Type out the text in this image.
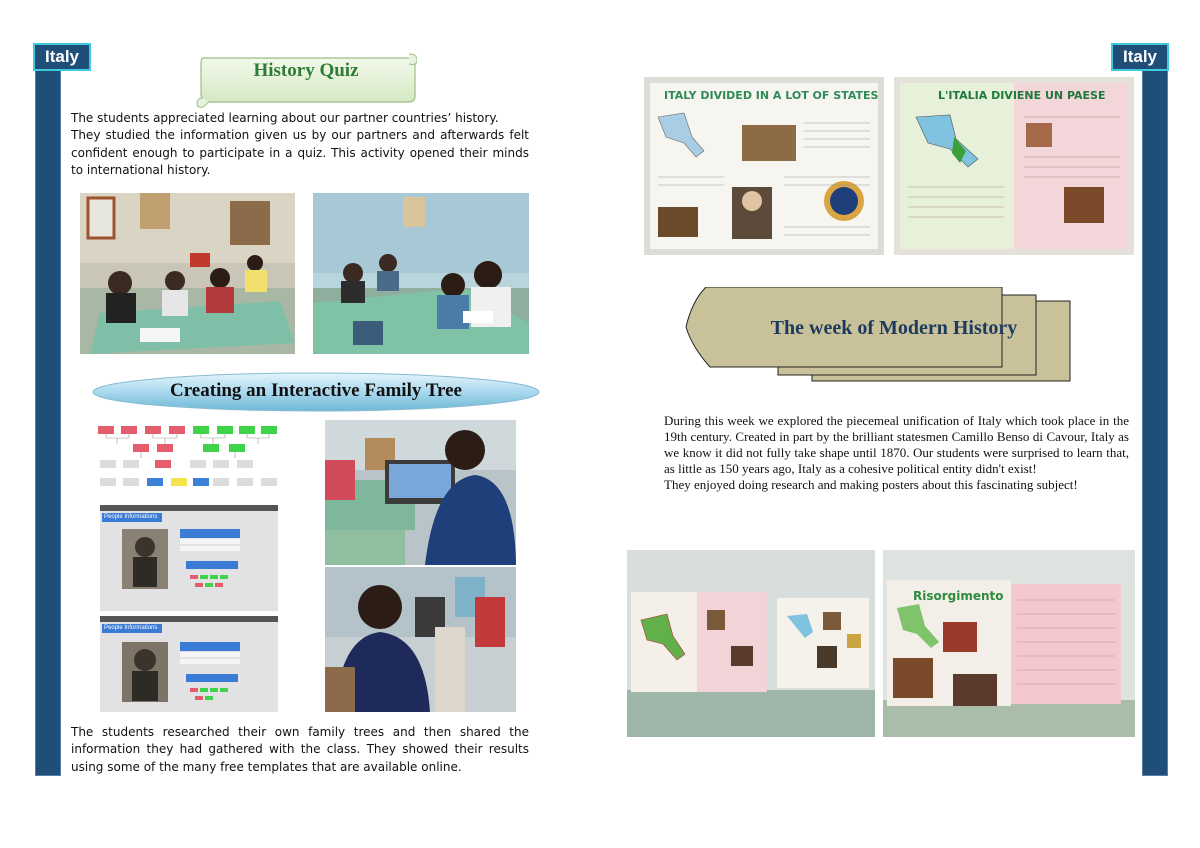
Italy	Italy
History Quiz

The students appreciated learning about our partner countries’ history.

They studied the information given us by our partners and afterwards felt confident enough to participate in a quiz. This activity opened their minds to international history.

Creating an Interactive Family Tree
People Informations
People Informations
The students researched their own family trees and then shared the information they had gathered with the class. They showed their results using some of the many free templates that are available online.
ITALY DIVIDED IN A LOT OF STATES	L'ITALIA DIVIENE UN PAESE
The week of Modern History

During this week we explored the piecemeal unification of Italy which took place in the 19th century. Created in part by the brilliant statesmen Camillo Benso di Cavour, Italy as we know it did not fully take shape until 1870. Our students were surprised to learn that, as little as 150 years ago, Italy as a cohesive political entity didn't exist!

They enjoyed doing research and making posters about this fascinating subject!

Risorgimento
